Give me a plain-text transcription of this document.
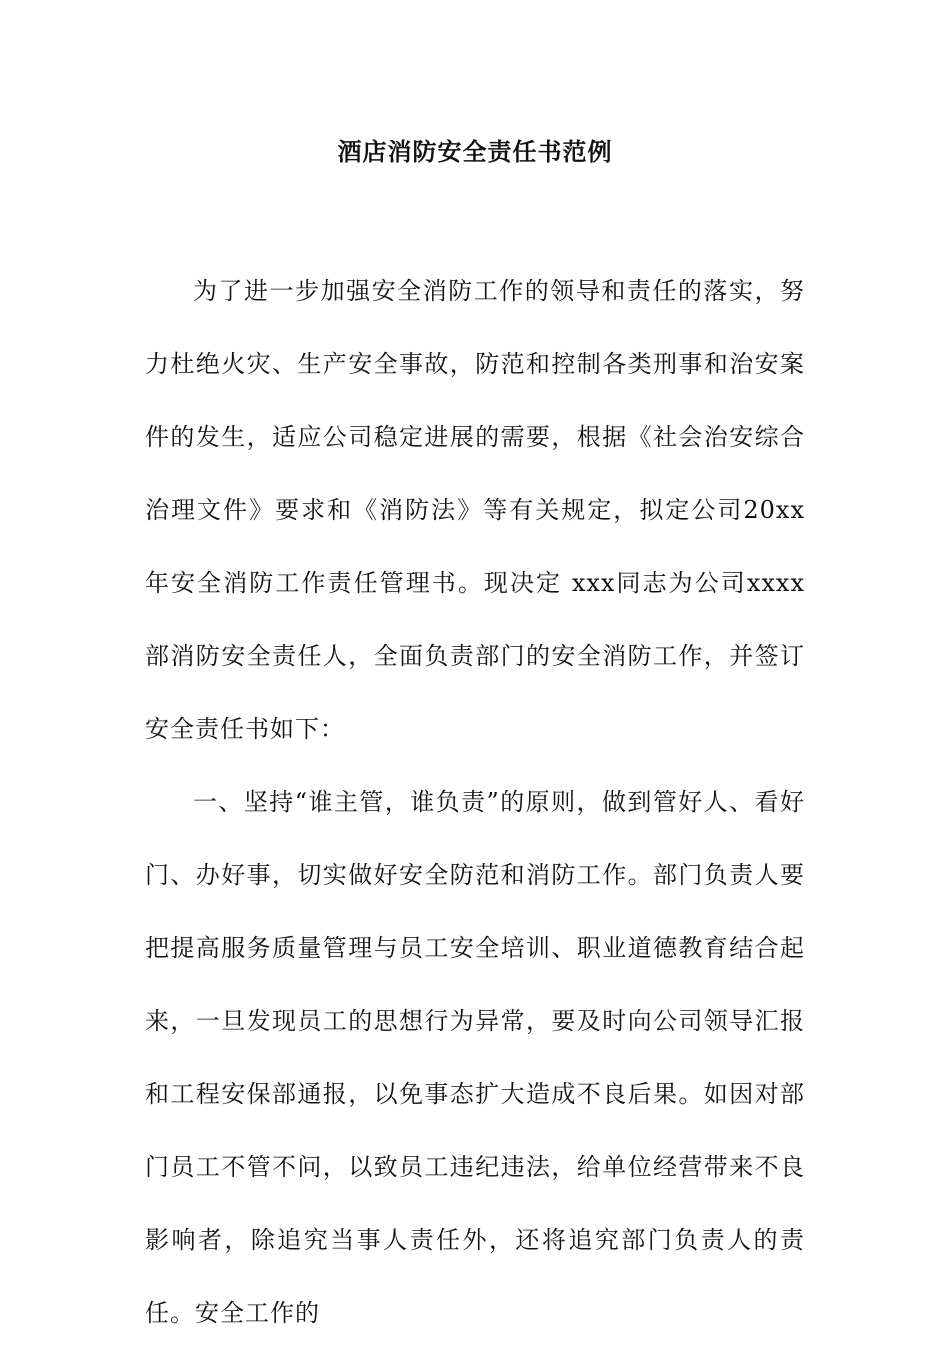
酒店消防安全责任书范例

为了进一步加强安全消防工作的领导和责任的落实，努力杜绝火灾、生产安全事故，防范和控制各类刑事和治安案件的发生，适应公司稳定进展的需要，根据《社会治安综合治理文件》要求和《消防法》等有关规定，拟定公司20xx年安全消防工作责任管理书。现决定 xxx同志为公司xxxx部消防安全责任人，全面负责部门的安全消防工作，并签订安全责任书如下：

一、坚持“谁主管，谁负责”的原则，做到管好人、看好门、办好事，切实做好安全防范和消防工作。部门负责人要把提高服务质量管理与员工安全培训、职业道德教育结合起来，一旦发现员工的思想行为异常，要及时向公司领导汇报和工程安保部通报，以免事态扩大造成不良后果。如因对部门员工不管不问，以致员工违纪违法，给单位经营带来不良影响者，除追究当事人责任外，还将追究部门负责人的责任。安全工作的
